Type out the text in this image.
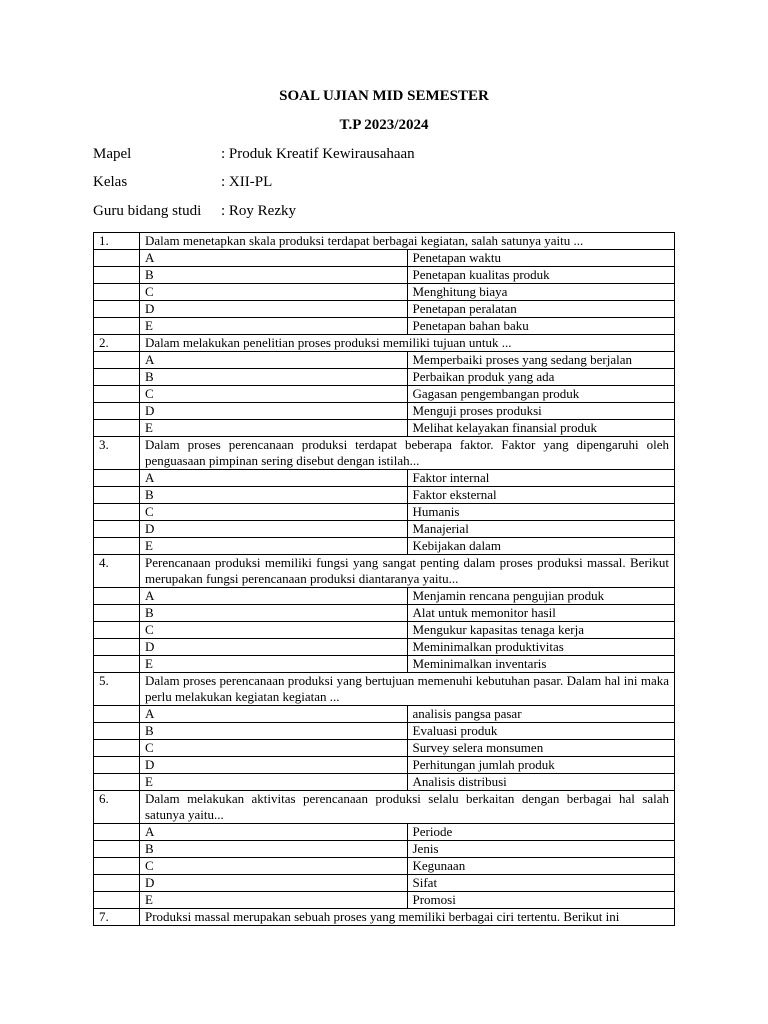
SOAL UJIAN MID SEMESTER
T.P 2023/2024
Mapel	: Produk Kreatif Kewirausahaan
Kelas	: XII-PL
Guru bidang studi : Roy Rezky
1.	Dalam menetapkan skala produksi terdapat berbagai kegiatan, salah satunya yaitu ...	
	A	Penetapan waktu
	B	Penetapan kualitas produk
	C	Menghitung biaya
	D	Penetapan peralatan
	E	Penetapan bahan baku
2.	Dalam melakukan penelitian proses produksi memiliki tujuan untuk ...	
	A	Memperbaiki proses yang sedang berjalan
	B	Perbaikan produk yang ada
	C	Gagasan pengembangan produk
	D	Menguji proses produksi
	E	Melihat kelayakan finansial produk
3.	Dalam proses perencanaan produksi terdapat beberapa faktor. Faktor yang dipengaruhi oleh penguasaan pimpinan sering disebut dengan istilah...	
	A	Faktor internal
	B	Faktor eksternal
	C	Humanis
	D	Manajerial
	E	Kebijakan dalam
4.	Perencanaan produksi memiliki fungsi yang sangat penting dalam proses produksi massal. Berikut merupakan fungsi perencanaan produksi diantaranya yaitu...	
	A	Menjamin rencana pengujian produk
	B	Alat untuk memonitor hasil
	C	Mengukur kapasitas tenaga kerja
	D	Meminimalkan produktivitas
	E	Meminimalkan inventaris
5.	Dalam proses perencanaan produksi yang bertujuan memenuhi kebutuhan pasar. Dalam hal ini maka perlu melakukan kegiatan kegiatan ...	
	A	analisis pangsa pasar
	B	Evaluasi produk
	C	Survey selera monsumen
	D	Perhitungan jumlah produk
	E	Analisis distribusi
6.	Dalam melakukan aktivitas perencanaan produksi selalu berkaitan dengan berbagai hal salah satunya yaitu...	
	A	Periode
	B	Jenis
	C	Kegunaan
	D	Sifat
	E	Promosi
7.	Produksi massal merupakan sebuah proses yang memiliki berbagai ciri tertentu. Berikut ini	
